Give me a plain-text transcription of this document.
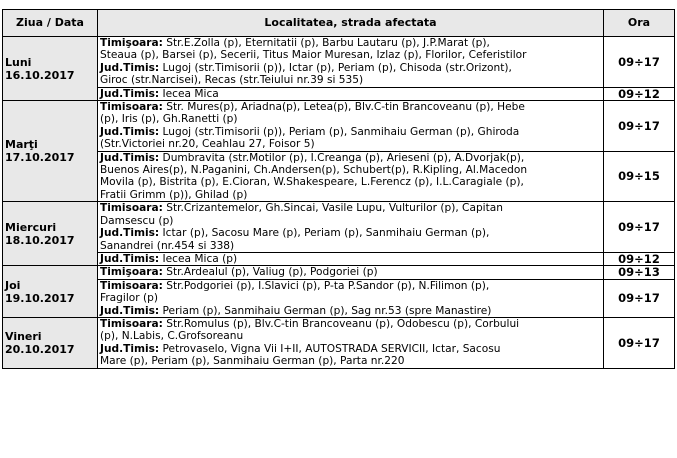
Ziua / Data	Localitatea, strada afectata	Ora

Luni
16.10.2017	Timişoara: Str.E.Zolla (p), Eternitatii (p), Barbu Lautaru (p), J.P.Marat (p),
Steaua (p), Barsei (p), Secerii, Titus Maior Muresan, Izlaz (p), Florilor, Ceferistilor
Jud.Timis: Lugoj (str.Timisorii (p)), Ictar (p), Periam (p), Chisoda (str.Orizont),
Giroc (str.Narcisei), Recas (str.Teiului nr.39 si 535)	09÷17

	Jud.Timis: Iecea Mica	09÷12

Marţi
17.10.2017	Timisoara: Str. Mures(p), Ariadna(p), Letea(p), Blv.C-tin Brancoveanu (p), Hebe
(p), Iris (p), Gh.Ranetti (p)
Jud.Timis: Lugoj (str.Timisorii (p)), Periam (p), Sanmihaiu German (p), Ghiroda
(Str.Victoriei nr.20, Ceahlau 27, Foisor 5)	09÷17

	Jud.Timis: Dumbravita (str.Motilor (p), I.Creanga (p), Arieseni (p), A.Dvorjak(p),
Buenos Aires(p), N.Paganini, Ch.Andersen(p), Schubert(p), R.Kipling, Al.Macedon
Movila (p), Bistrita (p), E.Cioran, W.Shakespeare, L.Ferencz (p), I.L.Caragiale (p),
Fratii Grimm (p)), Ghilad (p)	09÷15

Miercuri
18.10.2017	Timisoara: Str.Crizantemelor, Gh.Sincai, Vasile Lupu, Vulturilor (p), Capitan
Damsescu (p)
Jud.Timis: Ictar (p), Sacosu Mare (p), Periam (p), Sanmihaiu German (p),
Sanandrei (nr.454 si 338)	09÷17

	Jud.Timis: Iecea Mica (p)	09÷12

Joi
19.10.2017	Timişoara: Str.Ardealul (p), Valiug (p), Podgoriei (p)	09÷13

	Timisoara: Str.Podgoriei (p), I.Slavici (p), P-ta P.Sandor (p), N.Filimon (p),
Fragilor (p)
Jud.Timis: Periam (p), Sanmihaiu German (p), Sag nr.53 (spre Manastire)	09÷17

Vineri
20.10.2017	Timisoara: Str.Romulus (p), Blv.C-tin Brancoveanu (p), Odobescu (p), Corbului
(p), N.Labis, C.Grofsoreanu
Jud.Timis: Petrovaselo, Vigna Vii I+II, AUTOSTRADA SERVICII, Ictar, Sacosu
Mare (p), Periam (p), Sanmihaiu German (p), Parta nr.220	09÷17
